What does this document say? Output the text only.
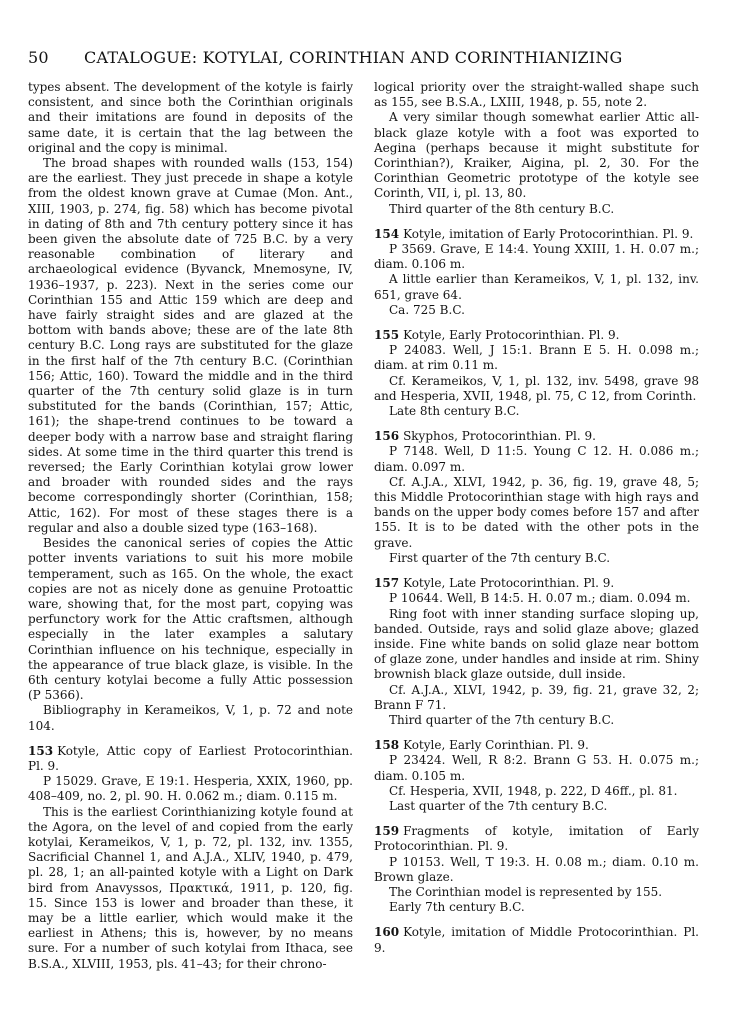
50 CATALOGUE: KOTYLAI, CORINTHIAN AND CORINTHIANIZING

types absent. The development of the kotyle is fairly consistent, and since both the Corinthian originals and their imitations are found in deposits of the same date, it is certain that the lag between the original and the copy is minimal.

The broad shapes with rounded walls (153, 154) are the earliest. They just precede in shape a kotyle from the oldest known grave at Cumae (Mon. Ant., XIII, 1903, p. 274, fig. 58) which has become pivotal in dating of 8th and 7th century pottery since it has been given the absolute date of 725 B.C. by a very reasonable combination of literary and archaeological evidence (Byvanck, Mnemosyne, IV, 1936–1937, p. 223). Next in the series come our Corinthian 155 and Attic 159 which are deep and have fairly straight sides and are glazed at the bottom with bands above; these are of the late 8th century B.C. Long rays are substituted for the glaze in the first half of the 7th century B.C. (Corinthian 156; Attic, 160). Toward the middle and in the third quarter of the 7th century solid glaze is in turn substituted for the bands (Corinthian, 157; Attic, 161); the shape-trend continues to be toward a deeper body with a narrow base and straight flaring sides. At some time in the third quarter this trend is reversed; the Early Corinthian kotylai grow lower and broader with rounded sides and the rays become correspondingly shorter (Corinthian, 158; Attic, 162). For most of these stages there is a regular and also a double sized type (163–168).

Besides the canonical series of copies the Attic potter invents variations to suit his more mobile temperament, such as 165. On the whole, the exact copies are not as nicely done as genuine Protoattic ware, showing that, for the most part, copying was perfunctory work for the Attic craftsmen, although especially in the later examples a salutary Corinthian influence on his technique, especially in the appearance of true black glaze, is visible. In the 6th century kotylai become a fully Attic possession (P 5366).

Bibliography in Kerameikos, V, 1, p. 72 and note 104.

153 Kotyle, Attic copy of Earliest Protocorinthian. Pl. 9.

P 15029. Grave, E 19:1. Hesperia, XXIX, 1960, pp. 408–409, no. 2, pl. 90. H. 0.062 m.; diam. 0.115 m.

This is the earliest Corinthianizing kotyle found at the Agora, on the level of and copied from the early kotylai, Kerameikos, V, 1, p. 72, pl. 132, inv. 1355, Sacrificial Channel 1, and A.J.A., XLIV, 1940, p. 479, pl. 28, 1; an all-painted kotyle with a Light on Dark bird from Anavyssos, Πρακτικά, 1911, p. 120, fig. 15. Since 153 is lower and broader than these, it may be a little earlier, which would make it the earliest in Athens; this is, however, by no means sure. For a number of such kotylai from Ithaca, see B.S.A., XLVIII, 1953, pls. 41–43; for their chrono-

logical priority over the straight-walled shape such as 155, see B.S.A., LXIII, 1948, p. 55, note 2.

A very similar though somewhat earlier Attic all-black glaze kotyle with a foot was exported to Aegina (perhaps because it might substitute for Corinthian?), Kraiker, Aigina, pl. 2, 30. For the Corinthian Geometric prototype of the kotyle see Corinth, VII, i, pl. 13, 80.

Third quarter of the 8th century B.C.

154 Kotyle, imitation of Early Protocorinthian. Pl. 9.

P 3569. Grave, E 14:4. Young XXIII, 1. H. 0.07 m.; diam. 0.106 m.

A little earlier than Kerameikos, V, 1, pl. 132, inv. 651, grave 64.

Ca. 725 B.C.

155 Kotyle, Early Protocorinthian. Pl. 9.

P 24083. Well, J 15:1. Brann E 5. H. 0.098 m.; diam. at rim 0.11 m.

Cf. Kerameikos, V, 1, pl. 132, inv. 5498, grave 98 and Hesperia, XVII, 1948, pl. 75, C 12, from Corinth.

Late 8th century B.C.

156 Skyphos, Protocorinthian. Pl. 9.

P 7148. Well, D 11:5. Young C 12. H. 0.086 m.; diam. 0.097 m.

Cf. A.J.A., XLVI, 1942, p. 36, fig. 19, grave 48, 5; this Middle Protocorinthian stage with high rays and bands on the upper body comes before 157 and after 155. It is to be dated with the other pots in the grave.

First quarter of the 7th century B.C.

157 Kotyle, Late Protocorinthian. Pl. 9.

P 10644. Well, B 14:5. H. 0.07 m.; diam. 0.094 m.

Ring foot with inner standing surface sloping up, banded. Outside, rays and solid glaze above; glazed inside. Fine white bands on solid glaze near bottom of glaze zone, under handles and inside at rim. Shiny brownish black glaze outside, dull inside.

Cf. A.J.A., XLVI, 1942, p. 39, fig. 21, grave 32, 2; Brann F 71.

Third quarter of the 7th century B.C.

158 Kotyle, Early Corinthian. Pl. 9.

P 23424. Well, R 8:2. Brann G 53. H. 0.075 m.; diam. 0.105 m.

Cf. Hesperia, XVII, 1948, p. 222, D 46ff., pl. 81.

Last quarter of the 7th century B.C.

159 Fragments of kotyle, imitation of Early Protocorinthian. Pl. 9.

P 10153. Well, T 19:3. H. 0.08 m.; diam. 0.10 m. Brown glaze.

The Corinthian model is represented by 155.

Early 7th century B.C.

160 Kotyle, imitation of Middle Protocorinthian. Pl. 9.
